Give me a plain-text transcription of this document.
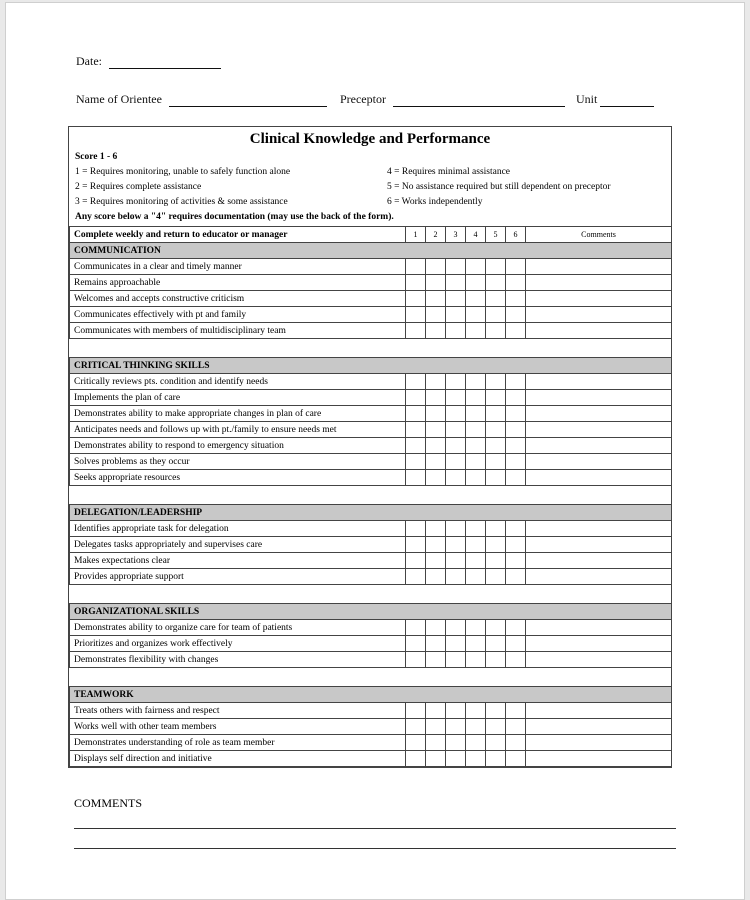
Date:
Name of Orientee	Preceptor	Unit
Clinical Knowledge and Performance
Score 1 - 6
1 = Requires monitoring, unable to safely function alone
2 = Requires complete assistance
3 = Requires monitoring of activities & some assistance
4 = Requires minimal assistance
5 = No assistance required but still dependent on preceptor
6 = Works independently
Any score below a "4" requires documentation (may use the back of the form).
Complete weekly and return to educator or manager	1	2	3	4	5	6	Comments
COMMUNICATION							
Communicates in a clear and timely manner							
Remains approachable							
Welcomes and accepts constructive criticism							
Communicates effectively with pt and family							
Communicates with members of multidisciplinary team							

CRITICAL THINKING SKILLS							
Critically reviews pts. condition and identify needs							
Implements the plan of care							
Demonstrates ability to make appropriate changes in plan of care							
Anticipates needs and follows up with pt./family to ensure needs met							
Demonstrates ability to respond to emergency situation							
Solves problems as they occur							
Seeks appropriate resources							

DELEGATION/LEADERSHIP							
Identifies appropriate task for delegation							
Delegates tasks appropriately and supervises care							
Makes expectations clear							
Provides appropriate support							

ORGANIZATIONAL SKILLS							
Demonstrates ability to organize care for team of patients							
Prioritizes and organizes work effectively							
Demonstrates flexibility with changes							

TEAMWORK							
Treats others with fairness and respect							
Works well with other team members							
Demonstrates understanding of role as team member							
Displays self direction and initiative							
COMMENTS
